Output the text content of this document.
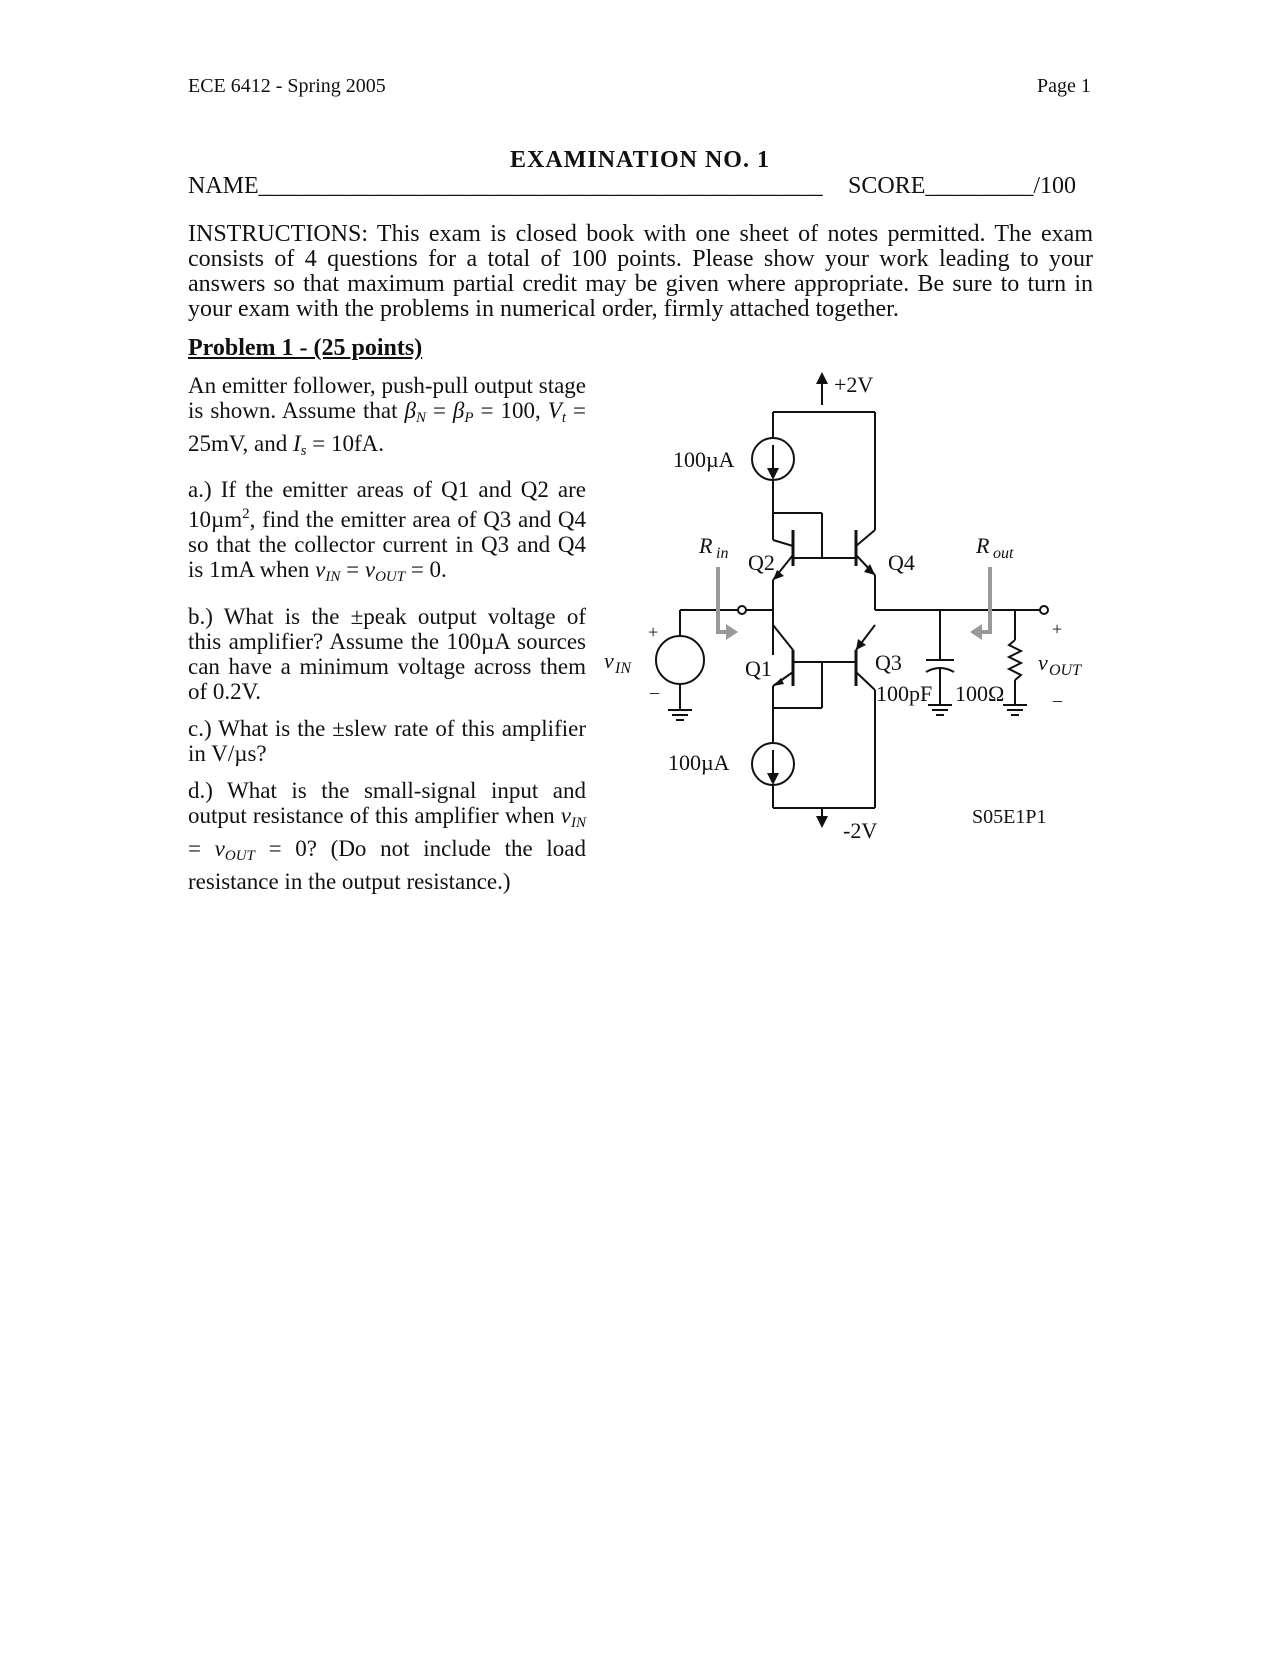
ECE 6412 - Spring 2005	Page 1
EXAMINATION NO. 1
NAME_______________________________________________ SCORE_________/100
INSTRUCTIONS: This exam is closed book with one sheet of notes permitted. The exam consists of 4 questions for a total of 100 points. Please show your work leading to your answers so that maximum partial credit may be given where appropriate. Be sure to turn in your exam with the problems in numerical order, firmly attached together.
Problem 1 - (25 points)
An emitter follower, push-pull output stage is shown. Assume that $\beta_N = \beta_P = 100$, $V_t = 25mV$, and $I_s = 10fA$.
a.) If the emitter areas of Q1 and Q2 are 10µm$^2$, find the emitter area of Q3 and Q4 so that the collector current in Q3 and Q4 is 1mA when $v_{IN} = v_{OUT} = 0$.
b.) What is the ±peak output voltage of this amplifier? Assume the 100µA sources can have a minimum voltage across them of 0.2V.
c.) What is the ±slew rate of this amplifier in V/µs?
d.) What is the small-signal input and output resistance of this amplifier when $v_{IN} = v_{OUT} = 0$? (Do not include the load resistance in the output resistance.)
+2V
-2V
100µA
100µA
Q2
Q1
Q4
Q3
100pF 100Ω
S05E1P1
R in	R out
v IN	v OUT
+
–
+
–
